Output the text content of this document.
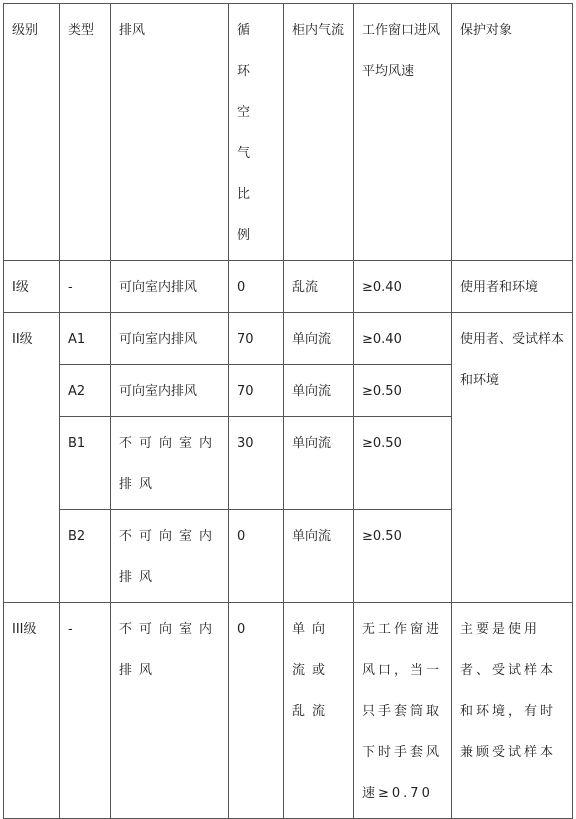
级别	类型	排风	循环空气比例	柜内气流	工作窗口进风平均风速	保护对象
I级	-	可向室内排风	0	乱流	≥0.40	使用者和环境
II级	A1	可向室内排风	70	单向流	≥0.40	使用者、受试样本和环境

	A2	可向室内排风	70	单向流	≥0.50	
	B1	不可向室内排风	30	单向流	≥0.50	
	B2	不可向室内排风	0	单向流	≥0.50	
III级	-	不可向室内排风	0	单向流或乱流	无工作窗进风口，当一只手套筒取下时手套风速≥0.70	主要是使用者、受试样本和环境，有时兼顾受试样本
